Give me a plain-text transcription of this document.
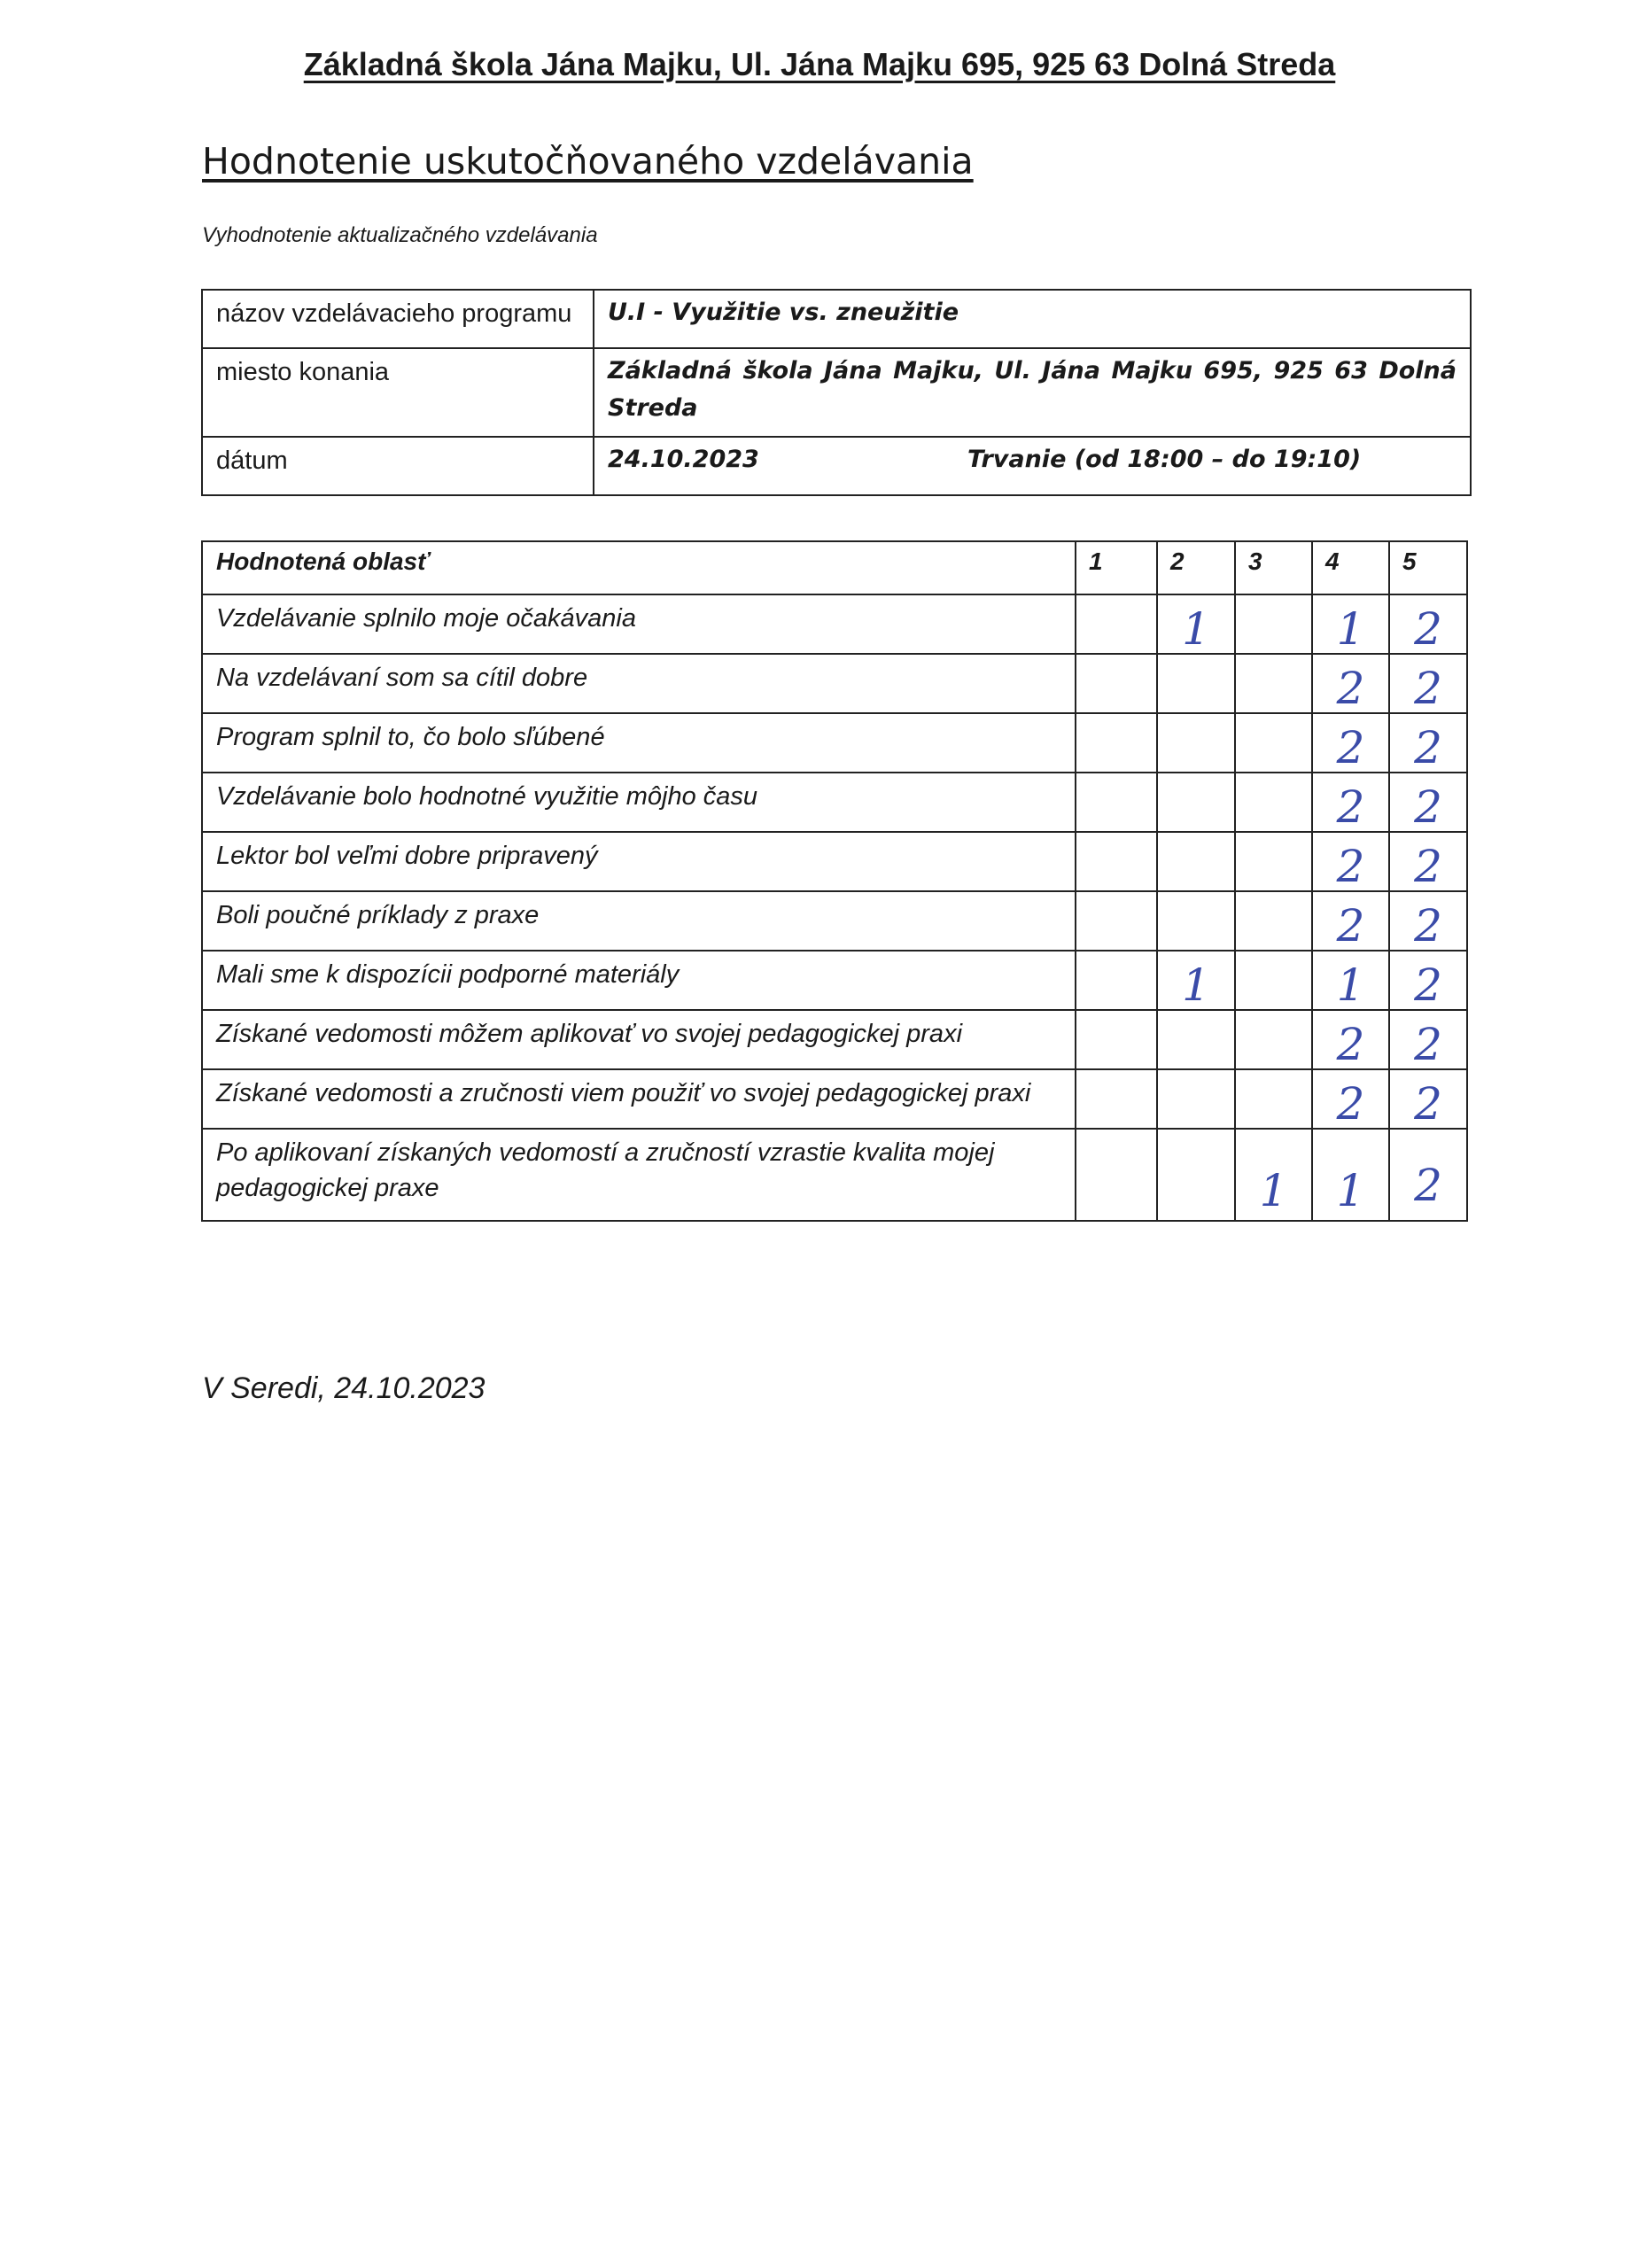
Základná škola Jána Majku, Ul. Jána Majku 695, 925 63 Dolná Streda
Hodnotenie uskutočňovaného vzdelávania
Vyhodnotenie aktualizačného vzdelávania
názov vzdelávacieho programu	U.I - Využitie vs. zneužitie
miesto konania	Základná škola Jána Majku, Ul. Jána Majku 695, 925 63 Dolná Streda
dátum	24.10.2023 Trvanie (od 18:00 – do 19:10)
Hodnotená oblasť	1	2	3	4	5
Vzdelávanie splnilo moje očakávania		1		1	2

Na vzdelávaní som sa cítil dobre				2	2

Program splnil to, čo bolo sľúbené				2	2

Vzdelávanie bolo hodnotné využitie môjho času				2	2

Lektor bol veľmi dobre pripravený				2	2

Boli poučné príklady z praxe				2	2

Mali sme k dispozícii podporné materiály		1		1	2

Získané vedomosti môžem aplikovať vo svojej pedagogickej praxi				2	2

Získané vedomosti a zručnosti viem použiť vo svojej pedagogickej praxi				2	2

Po aplikovaní získaných vedomostí a zručností vzrastie kvalita mojej pedagogickej praxe			1	1	2
V Seredi, 24.10.2023
